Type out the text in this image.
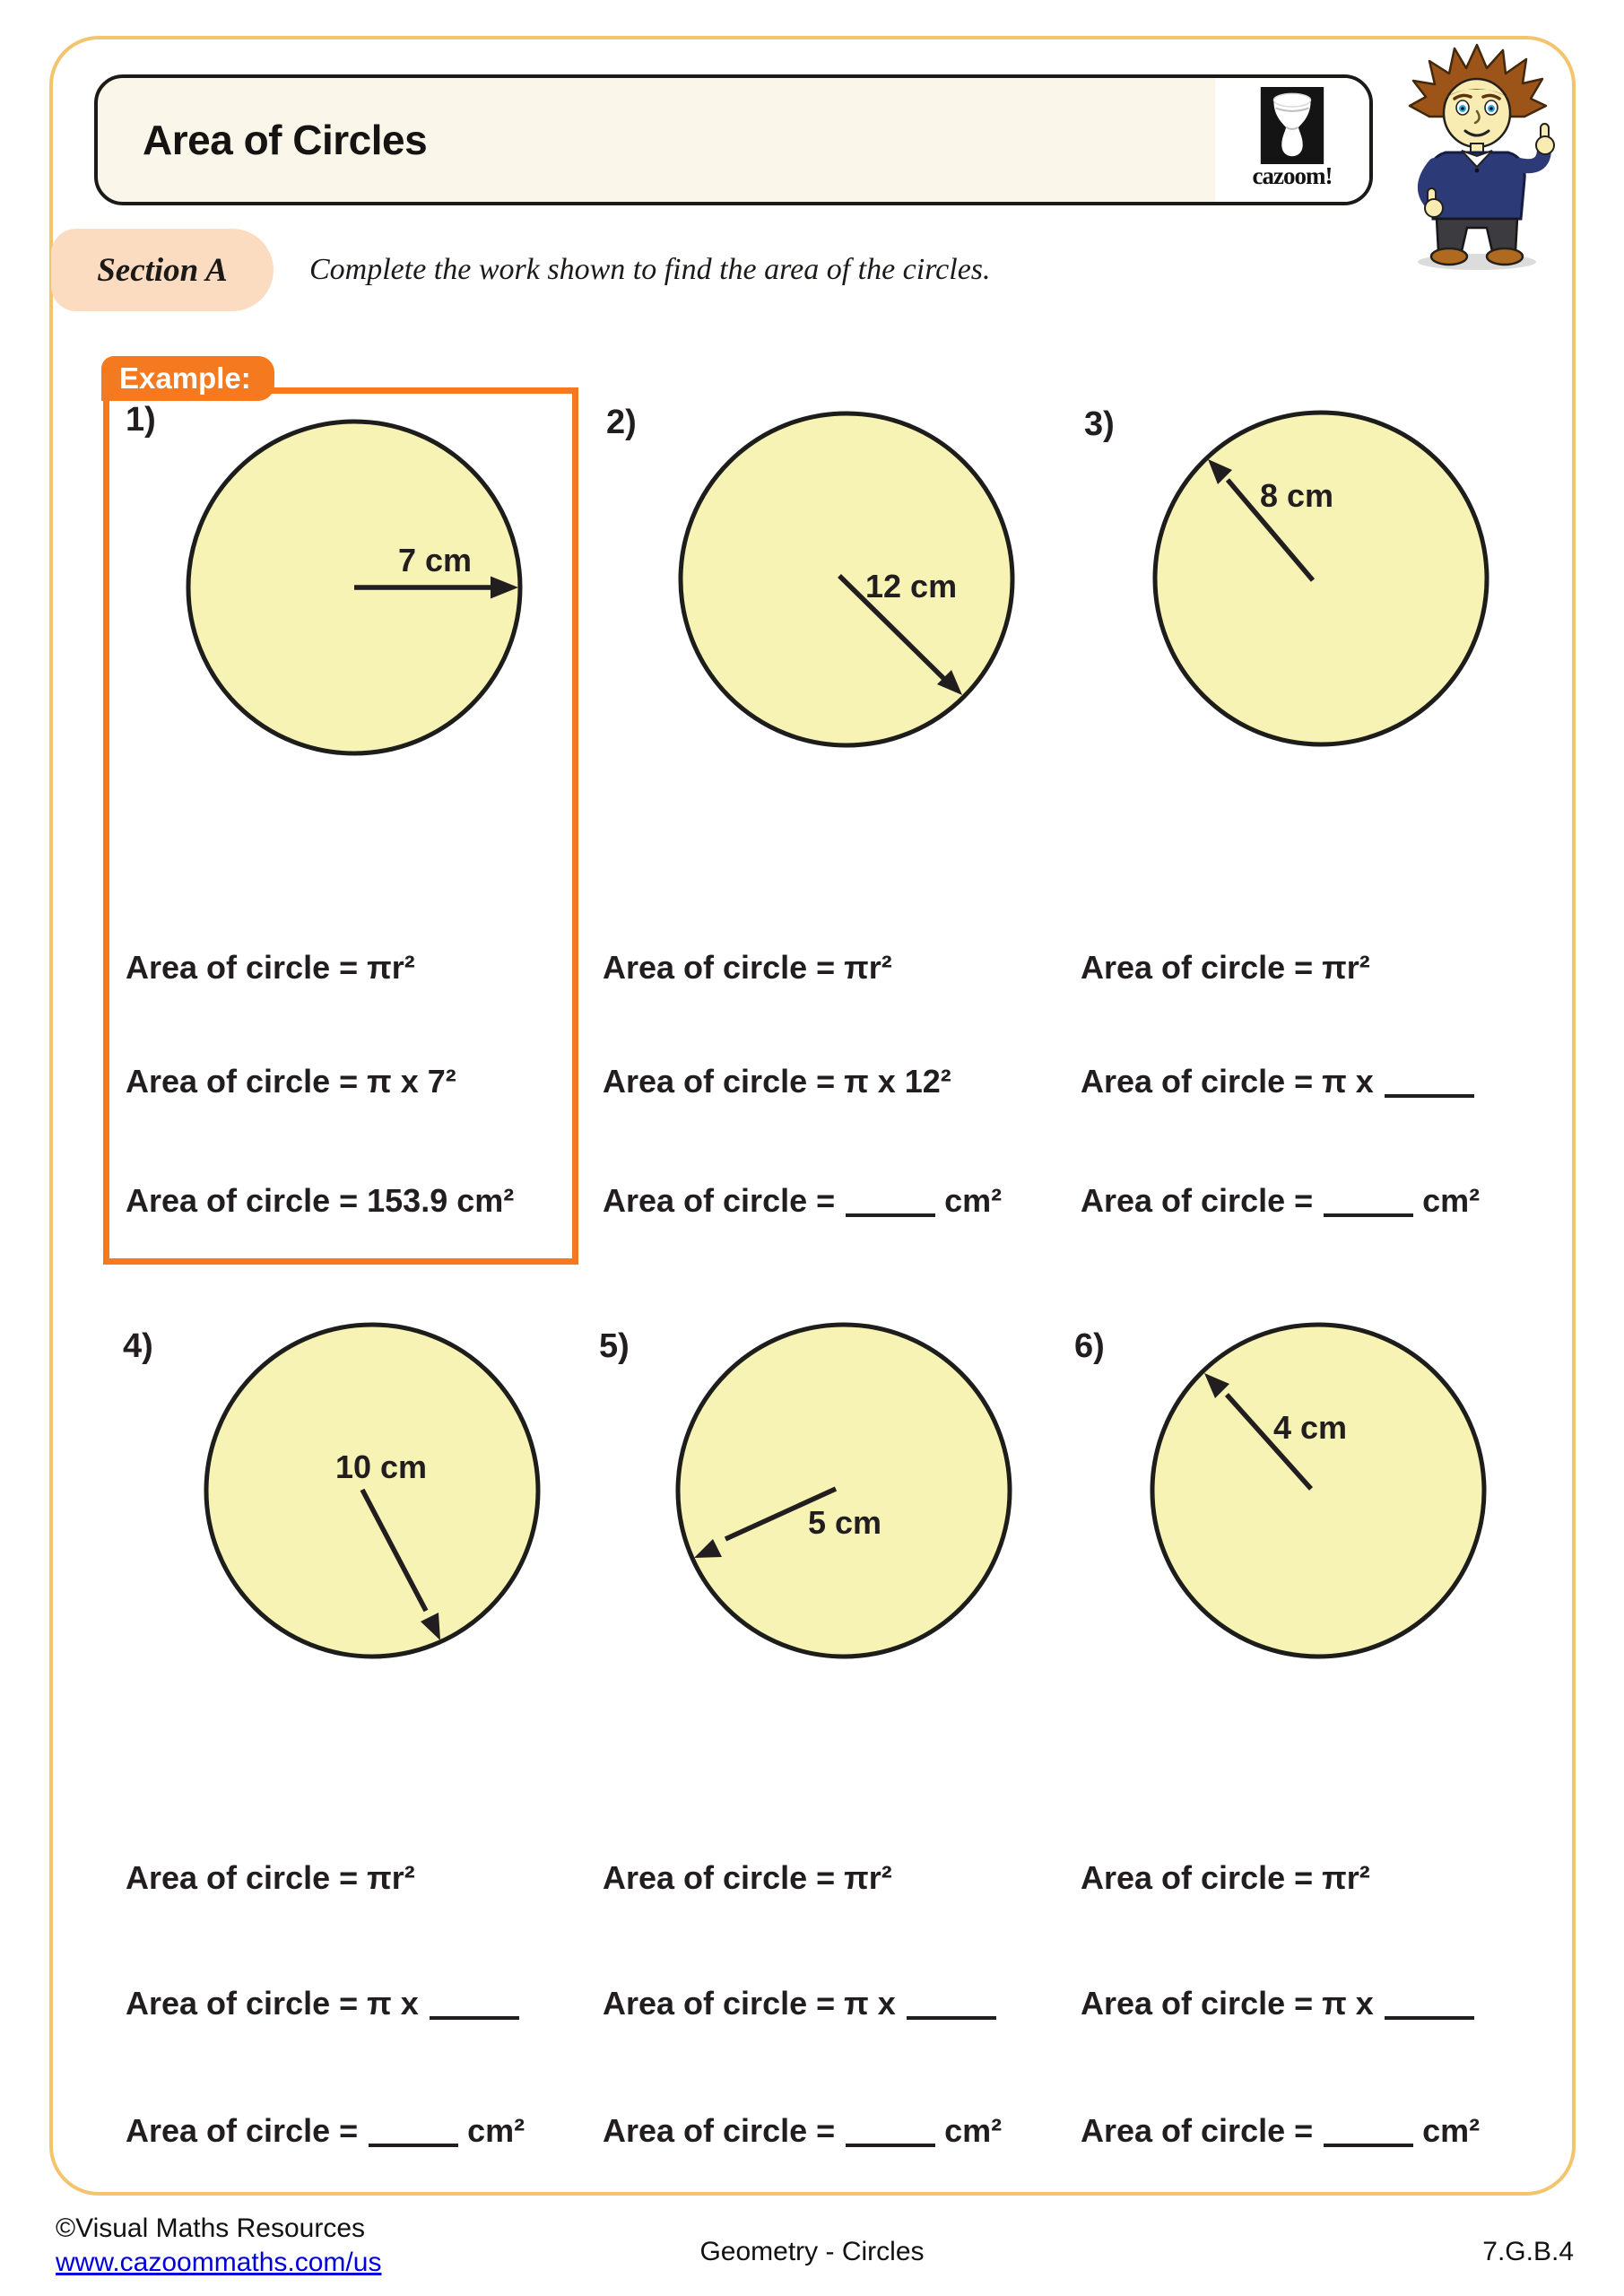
Area of Circles
cazoom!
Section A	Complete the work shown to find the area of the circles.
Example:
1)
7 cm
Area of circle = πr²
Area of circle = π x 7²
Area of circle = 153.9 cm²
2)
12 cm
Area of circle = πr²
Area of circle = π x 12²
Area of circle =	cm²
3)
8 cm
Area of circle = πr²
Area of circle = π x
Area of circle =	cm²
4)
10 cm
Area of circle = πr²
Area of circle = π x
Area of circle =	cm²
5)
5 cm
Area of circle = πr²
Area of circle = π x
Area of circle =	cm²
6)
4 cm
Area of circle = πr²
Area of circle = π x
Area of circle =	cm²
©Visual Maths Resources
www.cazoommaths.com/us	Geometry - Circles	7.G.B.4
